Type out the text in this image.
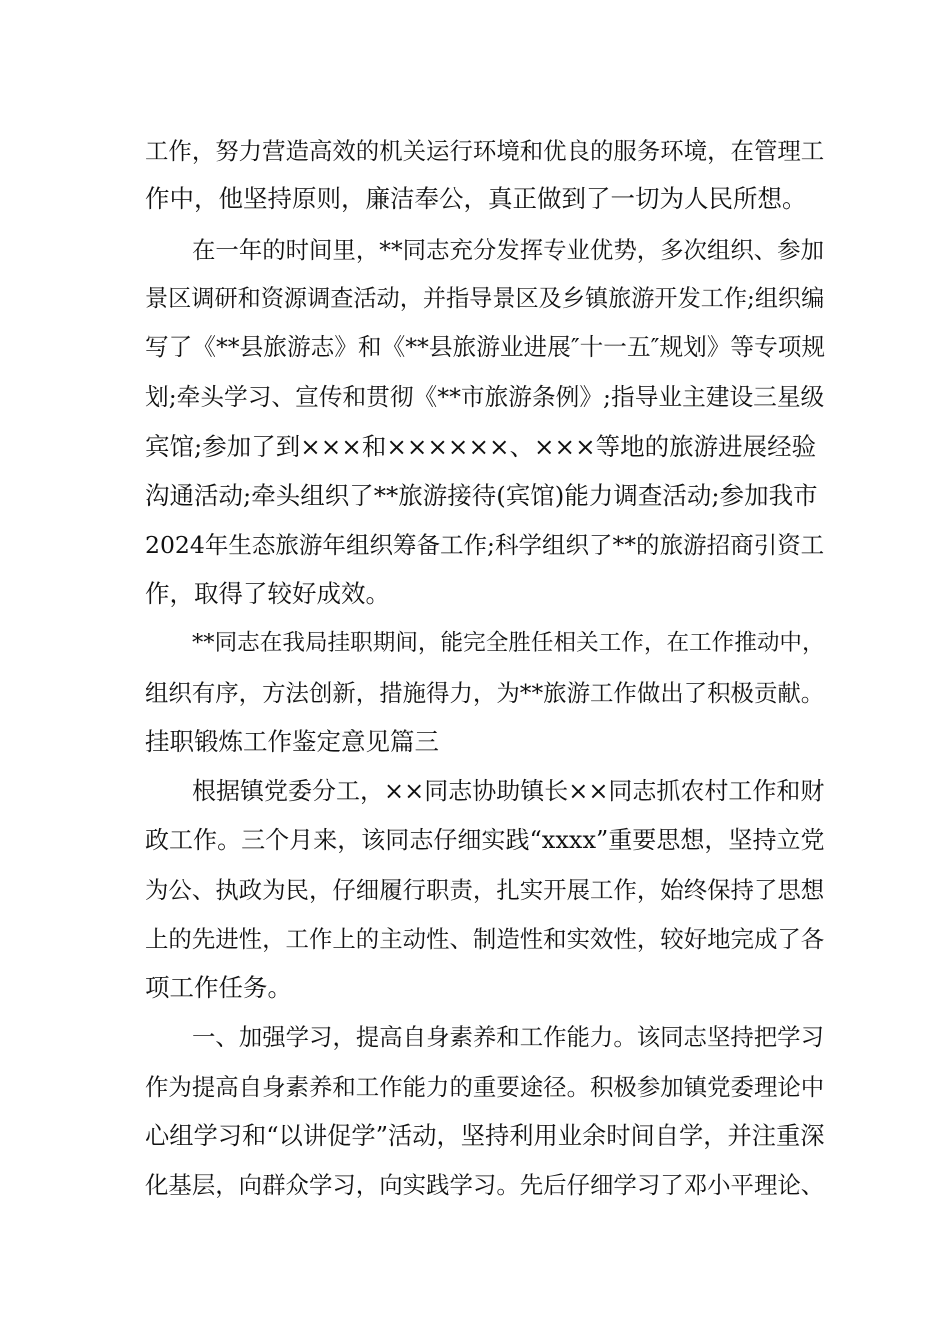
工作，努力营造高效的机关运行环境和优良的服务环境，在管理工
作中，他坚持原则，廉洁奉公，真正做到了一切为人民所想。
在一年的时间里，**同志充分发挥专业优势，多次组织、参加
景区调研和资源调查活动，并指导景区及乡镇旅游开发工作;组织编
写了《**县旅游志》和《**县旅游业进展″十一五″规划》等专项规
划;牵头学习、宣传和贯彻《**市旅游条例》;指导业主建设三星级
宾馆;参加了到×××和××××××、×××等地的旅游进展经验
沟通活动;牵头组织了**旅游接待(宾馆)能力调查活动;参加我市
2024年生态旅游年组织筹备工作;科学组织了**的旅游招商引资工
作，取得了较好成效。
**同志在我局挂职期间，能完全胜任相关工作，在工作推动中，
组织有序，方法创新，措施得力，为**旅游工作做出了积极贡献。
挂职锻炼工作鉴定意见篇三
根据镇党委分工，××同志协助镇长××同志抓农村工作和财
政工作。三个月来，该同志仔细实践“xxxx”重要思想，坚持立党
为公、执政为民，仔细履行职责，扎实开展工作，始终保持了思想
上的先进性，工作上的主动性、制造性和实效性，较好地完成了各
项工作任务。
一、加强学习，提高自身素养和工作能力。该同志坚持把学习
作为提高自身素养和工作能力的重要途径。积极参加镇党委理论中
心组学习和“以讲促学”活动，坚持利用业余时间自学，并注重深
化基层，向群众学习，向实践学习。先后仔细学习了邓小平理论、
